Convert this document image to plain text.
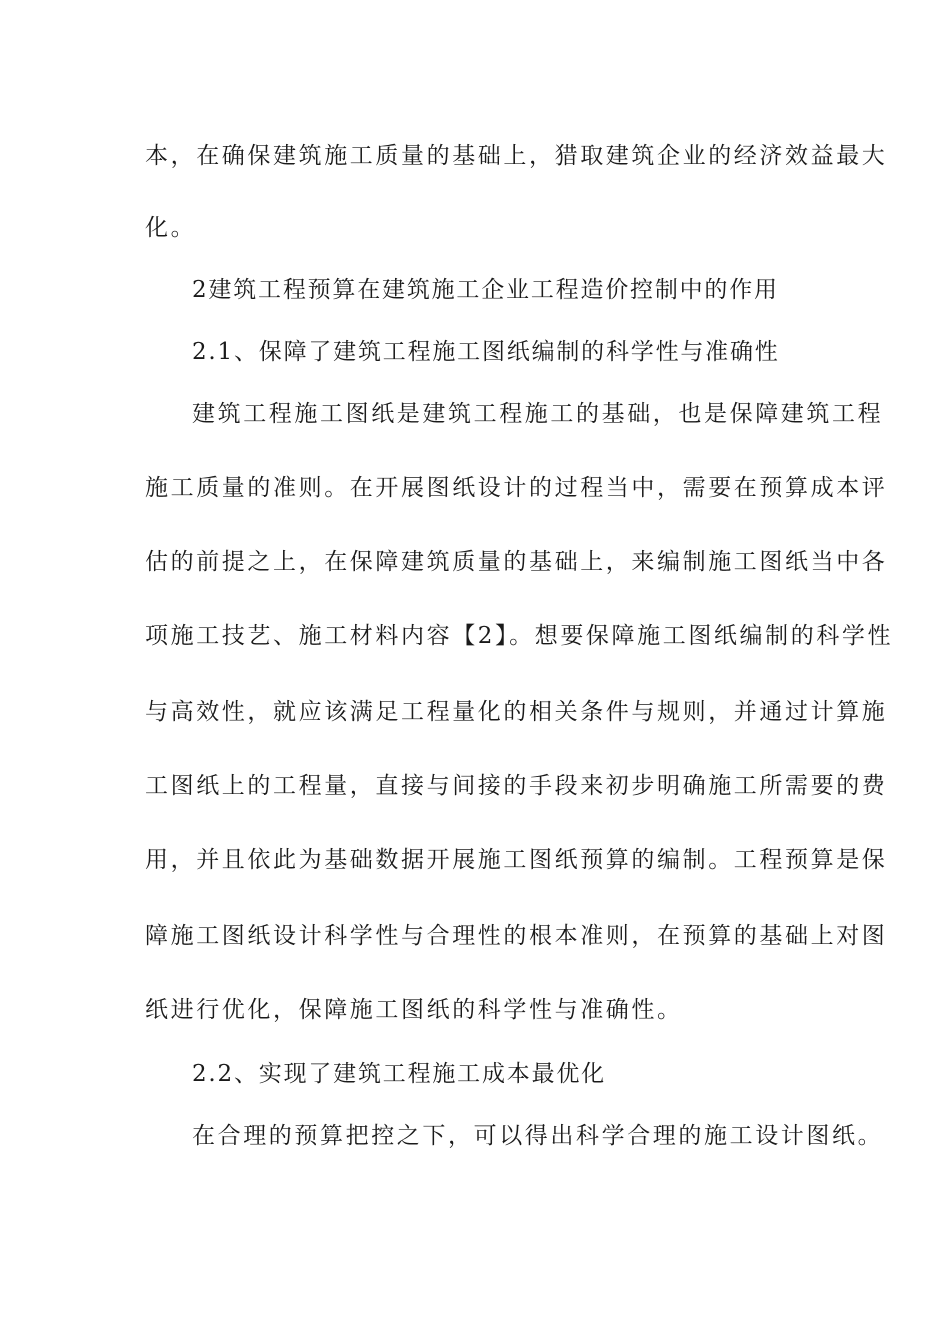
本，在确保建筑施工质量的基础上，猎取建筑企业的经济效益最大
化。
2建筑工程预算在建筑施工企业工程造价控制中的作用
2.1、保障了建筑工程施工图纸编制的科学性与准确性
建筑工程施工图纸是建筑工程施工的基础，也是保障建筑工程
施工质量的准则。在开展图纸设计的过程当中，需要在预算成本评
估的前提之上，在保障建筑质量的基础上，来编制施工图纸当中各
项施工技艺、施工材料内容【2】。想要保障施工图纸编制的科学性
与高效性，就应该满足工程量化的相关条件与规则，并通过计算施
工图纸上的工程量，直接与间接的手段来初步明确施工所需要的费
用，并且依此为基础数据开展施工图纸预算的编制。工程预算是保
障施工图纸设计科学性与合理性的根本准则，在预算的基础上对图
纸进行优化，保障施工图纸的科学性与准确性。
2.2、实现了建筑工程施工成本最优化
在合理的预算把控之下，可以得出科学合理的施工设计图纸。
